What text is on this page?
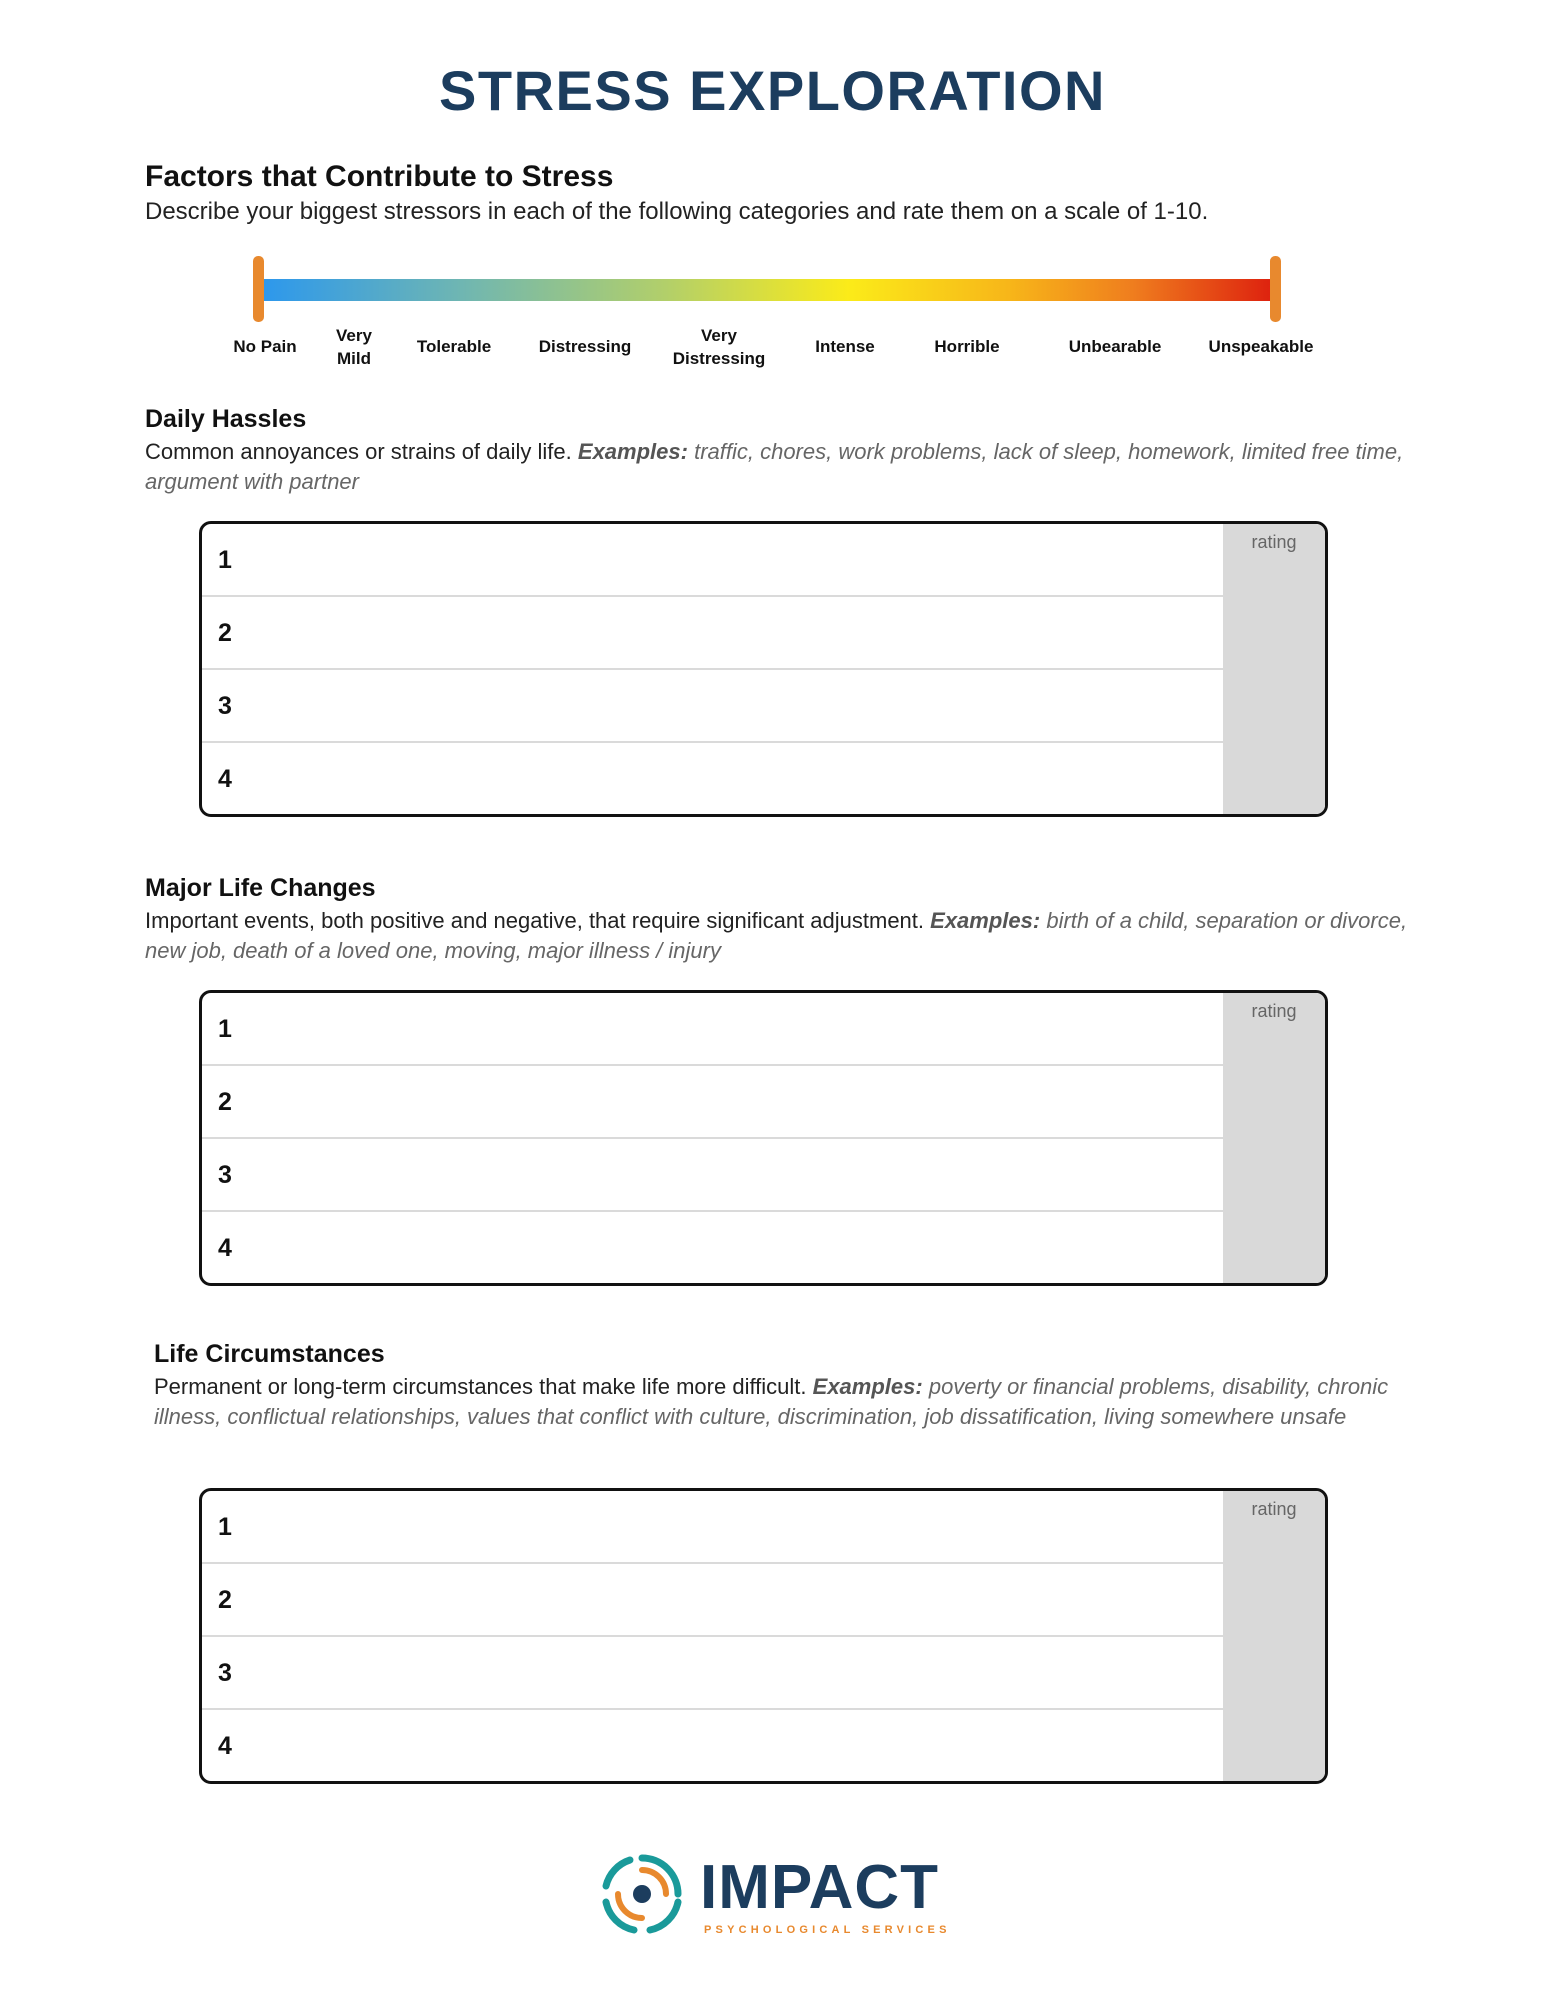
STRESS EXPLORATION
Factors that Contribute to Stress
Describe your biggest stressors in each of the following categories and rate them on a scale of 1-10.
No Pain
Very
Mild
Tolerable	Distressing
Very
Distressing
Intense	Horrible	Unbearable	Unspeakable
Daily Hassles
Common annoyances or strains of daily life. Examples: traffic, chores, work problems, lack of sleep, homework, limited free time, argument with partner
rating
1
2
3
4
Major Life Changes
Important events, both positive and negative, that require significant adjustment. Examples: birth of a child, separation or divorce, new job, death of a loved one, moving, major illness / injury
rating
1
2
3
4
Life Circumstances
Permanent or long-term circumstances that make life more difficult. Examples: poverty or financial problems, disability, chronic illness, conflictual relationships, values that conflict with culture, discrimination, job dissatification, living somewhere unsafe
rating
1
2
3
4
IMPACT
PSYCHOLOGICAL SERVICES
